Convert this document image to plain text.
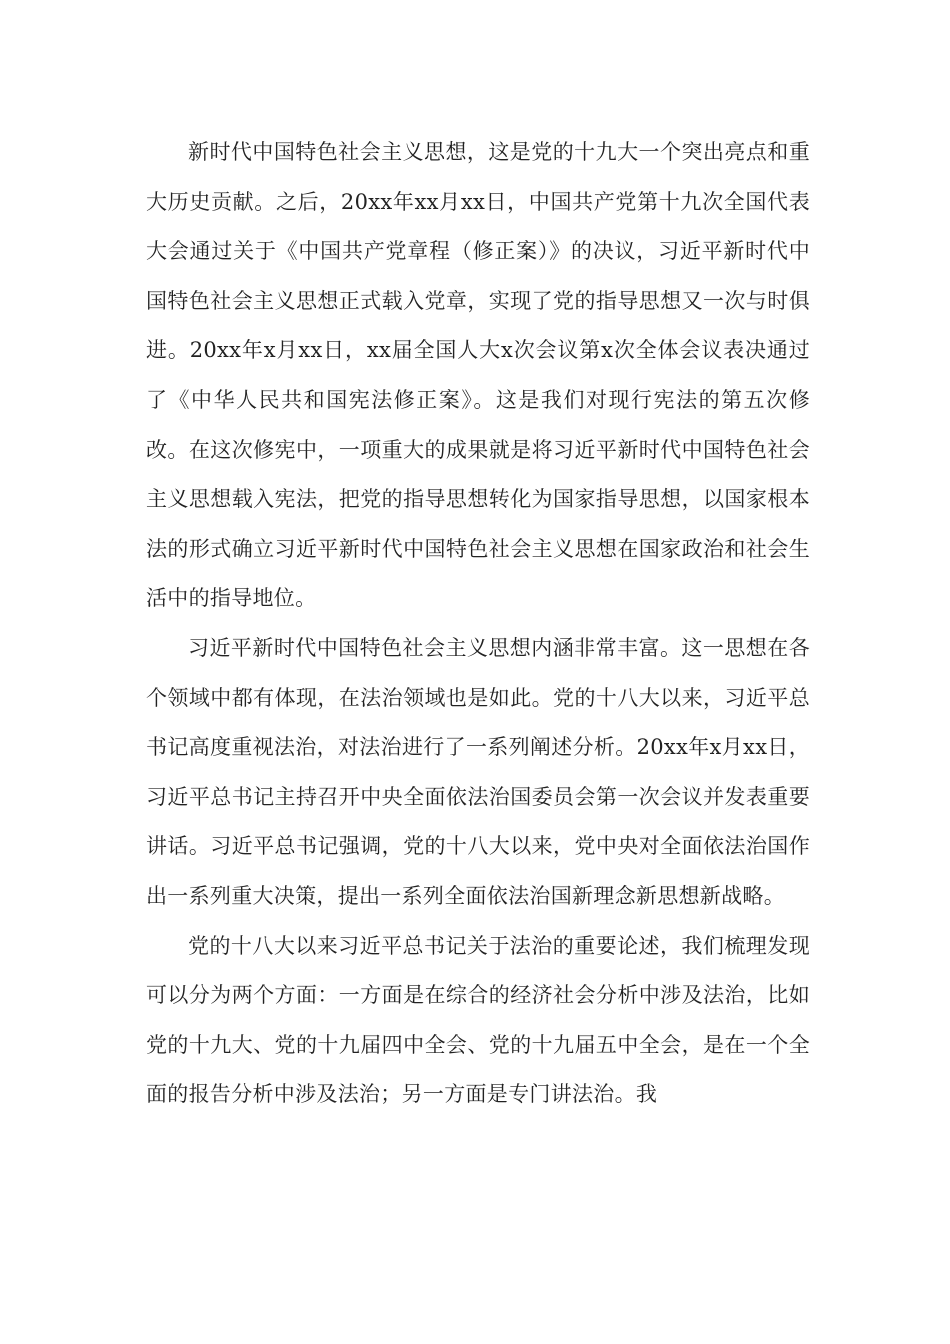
新时代中国特色社会主义思想，这是党的十九大一个突出亮点和重大历史贡献。之后，20xx年xx月xx日，中国共产党第十九次全国代表大会通过关于《中国共产党章程（修正案）》的决议，习近平新时代中国特色社会主义思想正式载入党章，实现了党的指导思想又一次与时俱进。20xx年x月xx日，xx届全国人大x次会议第x次全体会议表决通过了《中华人民共和国宪法修正案》。这是我们对现行宪法的第五次修改。在这次修宪中，一项重大的成果就是将习近平新时代中国特色社会主义思想载入宪法，把党的指导思想转化为国家指导思想，以国家根本法的形式确立习近平新时代中国特色社会主义思想在国家政治和社会生活中的指导地位。

习近平新时代中国特色社会主义思想内涵非常丰富。这一思想在各个领域中都有体现，在法治领域也是如此。党的十八大以来，习近平总书记高度重视法治，对法治进行了一系列阐述分析。20xx年x月xx日，习近平总书记主持召开中央全面依法治国委员会第一次会议并发表重要讲话。习近平总书记强调，党的十八大以来，党中央对全面依法治国作出一系列重大决策，提出一系列全面依法治国新理念新思想新战略。

党的十八大以来习近平总书记关于法治的重要论述，我们梳理发现可以分为两个方面：一方面是在综合的经济社会分析中涉及法治，比如党的十九大、党的十九届四中全会、党的十九届五中全会，是在一个全面的报告分析中涉及法治；另一方面是专门讲法治。我
